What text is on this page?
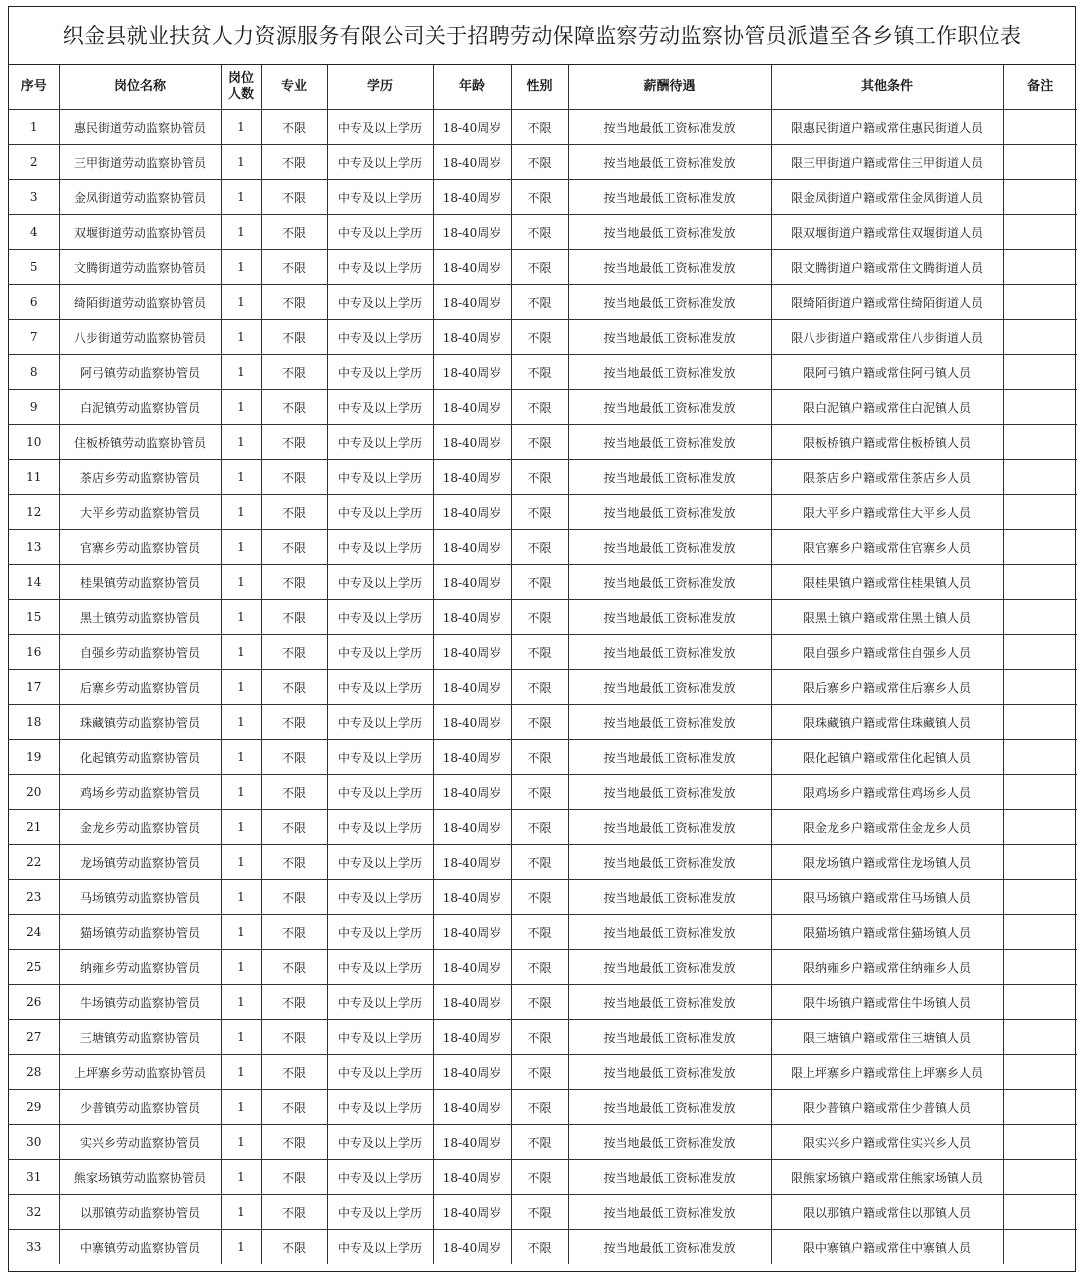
织金县就业扶贫人力资源服务有限公司关于招聘劳动保障监察劳动监察协管员派遣至各乡镇工作职位表
序号	岗位名称	岗位人数	专业	学历	年龄	性别	薪酬待遇	其他条件	备注
1	惠民街道劳动监察协管员	1	不限	中专及以上学历	18-40周岁	不限	按当地最低工资标准发放	限惠民街道户籍或常住惠民街道人员	
2	三甲街道劳动监察协管员	1	不限	中专及以上学历	18-40周岁	不限	按当地最低工资标准发放	限三甲街道户籍或常住三甲街道人员	
3	金凤街道劳动监察协管员	1	不限	中专及以上学历	18-40周岁	不限	按当地最低工资标准发放	限金凤街道户籍或常住金凤街道人员	
4	双堰街道劳动监察协管员	1	不限	中专及以上学历	18-40周岁	不限	按当地最低工资标准发放	限双堰街道户籍或常住双堰街道人员	
5	文腾街道劳动监察协管员	1	不限	中专及以上学历	18-40周岁	不限	按当地最低工资标准发放	限文腾街道户籍或常住文腾街道人员	
6	绮陌街道劳动监察协管员	1	不限	中专及以上学历	18-40周岁	不限	按当地最低工资标准发放	限绮陌街道户籍或常住绮陌街道人员	
7	八步街道劳动监察协管员	1	不限	中专及以上学历	18-40周岁	不限	按当地最低工资标准发放	限八步街道户籍或常住八步街道人员	
8	阿弓镇劳动监察协管员	1	不限	中专及以上学历	18-40周岁	不限	按当地最低工资标准发放	限阿弓镇户籍或常住阿弓镇人员	
9	白泥镇劳动监察协管员	1	不限	中专及以上学历	18-40周岁	不限	按当地最低工资标准发放	限白泥镇户籍或常住白泥镇人员	
10	住板桥镇劳动监察协管员	1	不限	中专及以上学历	18-40周岁	不限	按当地最低工资标准发放	限板桥镇户籍或常住板桥镇人员	
11	茶店乡劳动监察协管员	1	不限	中专及以上学历	18-40周岁	不限	按当地最低工资标准发放	限茶店乡户籍或常住茶店乡人员	
12	大平乡劳动监察协管员	1	不限	中专及以上学历	18-40周岁	不限	按当地最低工资标准发放	限大平乡户籍或常住大平乡人员	
13	官寨乡劳动监察协管员	1	不限	中专及以上学历	18-40周岁	不限	按当地最低工资标准发放	限官寨乡户籍或常住官寨乡人员	
14	桂果镇劳动监察协管员	1	不限	中专及以上学历	18-40周岁	不限	按当地最低工资标准发放	限桂果镇户籍或常住桂果镇人员	
15	黑土镇劳动监察协管员	1	不限	中专及以上学历	18-40周岁	不限	按当地最低工资标准发放	限黑土镇户籍或常住黑土镇人员	
16	自强乡劳动监察协管员	1	不限	中专及以上学历	18-40周岁	不限	按当地最低工资标准发放	限自强乡户籍或常住自强乡人员	
17	后寨乡劳动监察协管员	1	不限	中专及以上学历	18-40周岁	不限	按当地最低工资标准发放	限后寨乡户籍或常住后寨乡人员	
18	珠藏镇劳动监察协管员	1	不限	中专及以上学历	18-40周岁	不限	按当地最低工资标准发放	限珠藏镇户籍或常住珠藏镇人员	
19	化起镇劳动监察协管员	1	不限	中专及以上学历	18-40周岁	不限	按当地最低工资标准发放	限化起镇户籍或常住化起镇人员	
20	鸡场乡劳动监察协管员	1	不限	中专及以上学历	18-40周岁	不限	按当地最低工资标准发放	限鸡场乡户籍或常住鸡场乡人员	
21	金龙乡劳动监察协管员	1	不限	中专及以上学历	18-40周岁	不限	按当地最低工资标准发放	限金龙乡户籍或常住金龙乡人员	
22	龙场镇劳动监察协管员	1	不限	中专及以上学历	18-40周岁	不限	按当地最低工资标准发放	限龙场镇户籍或常住龙场镇人员	
23	马场镇劳动监察协管员	1	不限	中专及以上学历	18-40周岁	不限	按当地最低工资标准发放	限马场镇户籍或常住马场镇人员	
24	猫场镇劳动监察协管员	1	不限	中专及以上学历	18-40周岁	不限	按当地最低工资标准发放	限猫场镇户籍或常住猫场镇人员	
25	纳雍乡劳动监察协管员	1	不限	中专及以上学历	18-40周岁	不限	按当地最低工资标准发放	限纳雍乡户籍或常住纳雍乡人员	
26	牛场镇劳动监察协管员	1	不限	中专及以上学历	18-40周岁	不限	按当地最低工资标准发放	限牛场镇户籍或常住牛场镇人员	
27	三塘镇劳动监察协管员	1	不限	中专及以上学历	18-40周岁	不限	按当地最低工资标准发放	限三塘镇户籍或常住三塘镇人员	
28	上坪寨乡劳动监察协管员	1	不限	中专及以上学历	18-40周岁	不限	按当地最低工资标准发放	限上坪寨乡户籍或常住上坪寨乡人员	
29	少普镇劳动监察协管员	1	不限	中专及以上学历	18-40周岁	不限	按当地最低工资标准发放	限少普镇户籍或常住少普镇人员	
30	实兴乡劳动监察协管员	1	不限	中专及以上学历	18-40周岁	不限	按当地最低工资标准发放	限实兴乡户籍或常住实兴乡人员	
31	熊家场镇劳动监察协管员	1	不限	中专及以上学历	18-40周岁	不限	按当地最低工资标准发放	限熊家场镇户籍或常住熊家场镇人员	
32	以那镇劳动监察协管员	1	不限	中专及以上学历	18-40周岁	不限	按当地最低工资标准发放	限以那镇户籍或常住以那镇人员	
33	中寨镇劳动监察协管员	1	不限	中专及以上学历	18-40周岁	不限	按当地最低工资标准发放	限中寨镇户籍或常住中寨镇人员	
